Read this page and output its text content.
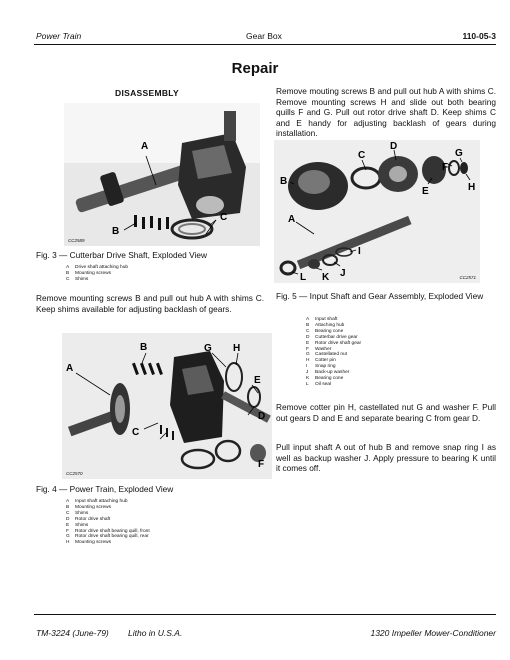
Power Train	Gear Box	110-05-3
Repair
DISASSEMBLY
A
B
C
CC2589
Fig. 3 — Cutterbar Drive Shaft, Exploded View
A Drive shaft attaching hub
B Mounting screws
C Shims
Remove mounting screws B and pull out hub A with shims C. Keep shims available for adjusting backlash of gears.
A
B
C
D
E
F
G H
CC2570
Fig. 4 — Power Train, Exploded View
A Input shaft attaching hub
B Mounting screws
C Shims
D Rotor drive shaft
E Shims
F Rotor drive shaft bearing quill, front
G Rotor drive shaft bearing quill, rear
H Mounting screws
Remove mouting screws B and pull out hub A with shims C. Remove mounting screws H and slide out both bearing quills F and G. Pull out rotor drive shaft D. Keep shims C and E handy for adjusting backlash of gears during installation.
A
B
C
D
E
F
G
H
I
J
K
L	CC2571
Fig. 5 — Input Shaft and Gear Assembly, Exploded View
A Input shaft
B Attaching hub
C Bearing cone
D Cutterbar drive gear
E Rotor drive shaft gear
F Washer
G Castellated nut
H Cotter pin
I Snap ring
J Back-up washer
K Bearing cone
L Oil seal
Remove cotter pin H, castellated nut G and washer F. Pull out gears D and E and separate bearing C from gear D.
Pull input shaft A out of hub B and remove snap ring I as well as backup washer J. Apply pressure to bearing K until it comes off.
TM-3224 (June-79) Litho in U.S.A.	1320 Impeller Mower-Conditioner
